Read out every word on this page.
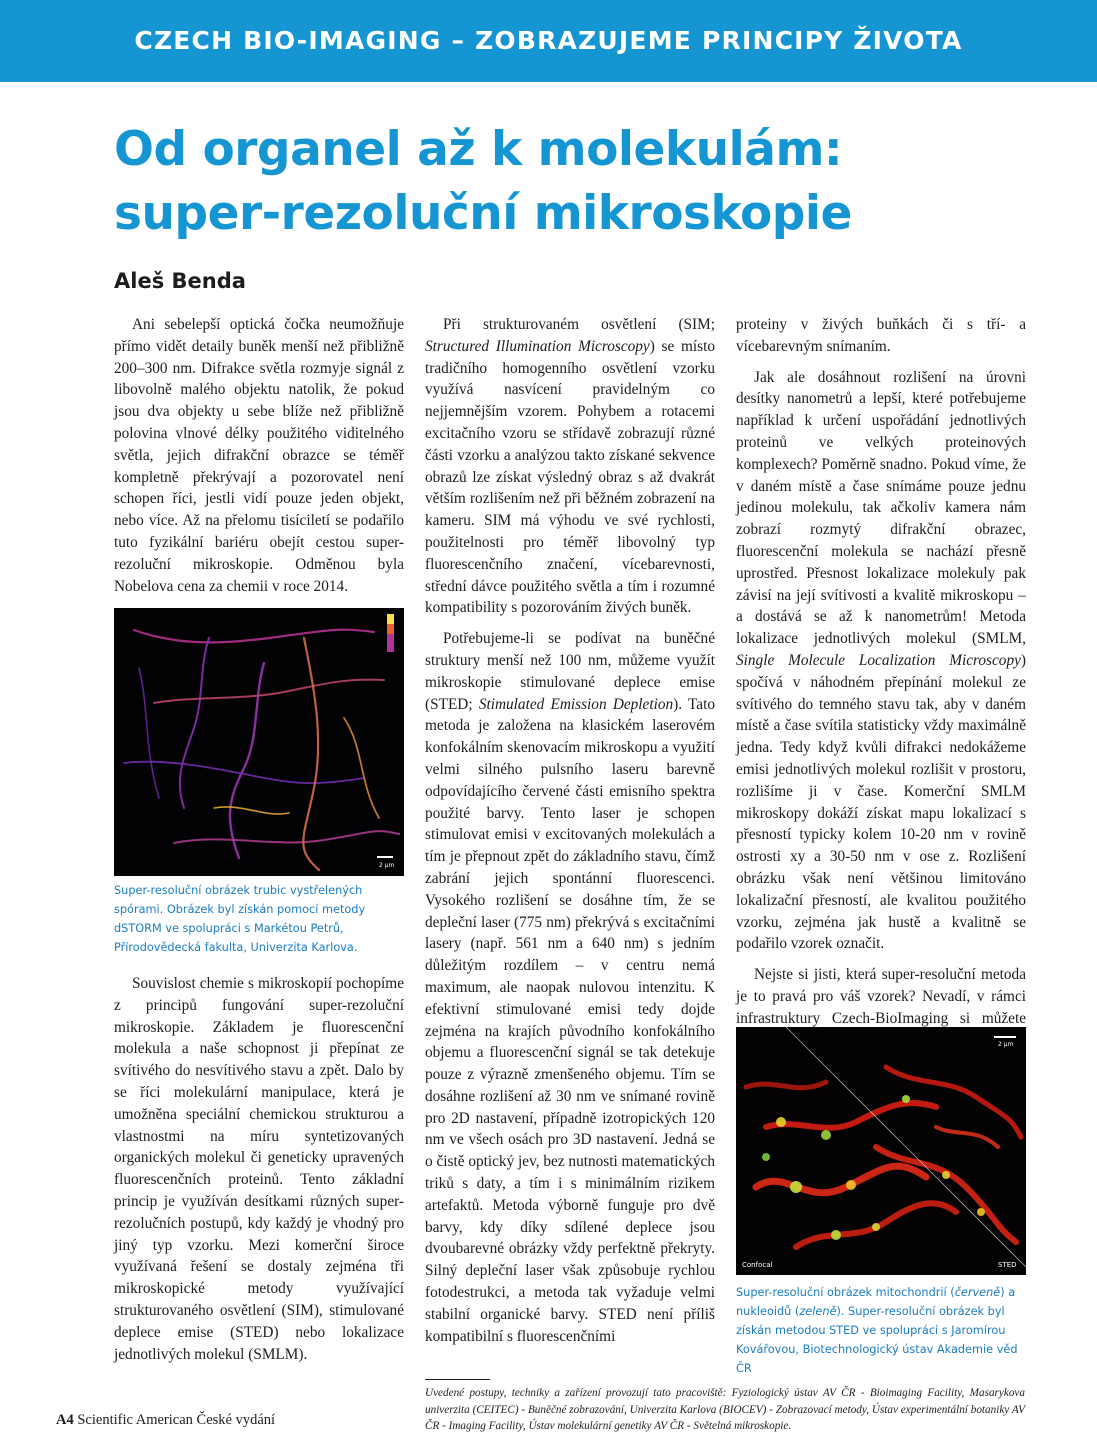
CZECH BIO-IMAGING – ZOBRAZUJEME PRINCIPY ŽIVOTA
Od organel až k molekulám:
super-rezoluční mikroskopie
Aleš Benda

Ani sebelepší optická čočka neumožňuje přímo vidět detaily buněk menší než přibližně 200–300 nm. Difrakce světla rozmyje signál z libovolně malého objektu natolik, že pokud jsou dva objekty u sebe blíže než přibližně polovina vlnové délky použitého viditelného světla, jejich difrakční obrazce se téměř kompletně překrývají a pozorovatel není schopen říci, jestli vidí pouze jeden objekt, nebo více. Až na přelomu tisíciletí se podařilo tuto fyzikální bariéru obejít cestou super-rezoluční mikroskopie. Odměnou byla Nobelova cena za chemii v roce 2014.

2 µm
Super-resoluční obrázek trubic vystřelených spórami. Obrázek byl získán pomocí metody dSTORM ve spolupráci s Markétou Petrů, Přírodovědecká fakulta, Univerzita Karlova.

Souvislost chemie s mikroskopií pochopíme z principů fungování super-rezoluční mikroskopie. Základem je fluorescenční molekula a naše schopnost ji přepínat ze svítivého do nesvítivého stavu a zpět. Dalo by se říci molekulární manipulace, která je umožněna speciální chemickou strukturou a vlastnostmi na míru syntetizovaných organických molekul či geneticky upravených fluorescenčních proteinů. Tento základní princip je využíván desítkami různých super-rezolučních postupů, kdy každý je vhodný pro jiný typ vzorku. Mezi komerční široce využívaná řešení se dostaly zejména tři mikroskopické metody využívající strukturovaného osvětlení (SIM), stimulované deplece emise (STED) nebo lokalizace jednotlivých molekul (SMLM).

Při strukturovaném osvětlení (SIM; Structured Illumination Microscopy) se místo tradičního homogenního osvětlení vzorku využívá nasvícení pravidelným co nejjemnějším vzorem. Pohybem a rotacemi excitačního vzoru se střídavě zobrazují různé části vzorku a analýzou takto získané sekvence obrazů lze získat výsledný obraz s až dvakrát větším rozlišením než při běžném zobrazení na kameru. SIM má výhodu ve své rychlosti, použitelnosti pro téměř libovolný typ fluorescenčního značení, vícebarevnosti, střední dávce použitého světla a tím i rozumné kompatibility s pozorováním živých buněk.

Potřebujeme-li se podívat na buněčné struktury menší než 100 nm, můžeme využít mikroskopie stimulované deplece emise (STED; Stimulated Emission Depletion). Tato metoda je založena na klasickém laserovém konfokálním skenovacím mikroskopu a využití velmi silného pulsního laseru barevně odpovídajícího červené části emisního spektra použité barvy. Tento laser je schopen stimulovat emisi v excitovaných molekulách a tím je přepnout zpět do základního stavu, čímž zabrání jejich spontánní fluorescenci. Vysokého rozlišení se dosáhne tím, že se depleční laser (775 nm) překrývá s excitačními lasery (např. 561 nm a 640 nm) s jedním důležitým rozdílem – v centru nemá maximum, ale naopak nulovou intenzitu. K efektivní stimulované emisi tedy dojde zejména na krajích původního konfokálního objemu a fluorescenční signál se tak detekuje pouze z výrazně zmenšeného objemu. Tím se dosáhne rozlišení až 30 nm ve snímané rovině pro 2D nastavení, případně izotropických 120 nm ve všech osách pro 3D nastavení. Jedná se o čistě optický jev, bez nutnosti matematických triků s daty, a tím i s minimálním rizikem artefaktů. Metoda výborně funguje pro dvě barvy, kdy díky sdílené deplece jsou dvoubarevné obrázky vždy perfektně překryty. Silný depleční laser však způsobuje rychlou fotodestrukci, a metoda tak vyžaduje velmi stabilní organické barvy. STED není příliš kompatibilní s fluorescenčními

proteiny v živých buňkách či s tří- a vícebarevným snímaním.

Jak ale dosáhnout rozlišení na úrovni desítky nanometrů a lepší, které potřebujeme například k určení uspořádání jednotlivých proteinů ve velkých proteinových komplexech? Poměrně snadno. Pokud víme, že v daném místě a čase snímáme pouze jednu jedinou molekulu, tak ačkoliv kamera nám zobrazí rozmytý difrakční obrazec, fluorescenční molekula se nachází přesně uprostřed. Přesnost lokalizace molekuly pak závisí na její svítivosti a kvalitě mikroskopu – a dostává se až k nanometrům! Metoda lokalizace jednotlivých molekul (SMLM, Single Molecule Localization Microscopy) spočívá v náhodném přepínání molekul ze svítivého do temného stavu tak, aby v daném místě a čase svítila statisticky vždy maximálně jedna. Tedy když kvůli difrakci nedokážeme emisi jednotlivých molekul rozlišit v prostoru, rozlišíme ji v čase. Komerční SMLM mikroskopy dokáží získat mapu lokalizací s přesností typicky kolem 10-20 nm v rovině ostrosti xy a 30-50 nm v ose z. Rozlišení obrázku však není většinou limitováno lokalizační přesností, ale kvalitou použitého vzorku, zejména jak hustě a kvalitně se podařilo vzorek označit.

Nejste si jisti, která super-resoluční metoda je to pravá pro váš vzorek? Nevadí, v rámci infrastruktury Czech-BioImaging si můžete

2 µm
Confocal	STED
Super-resoluční obrázek mitochondrií (červeně) a nukleoidů (zeleně). Super-resoluční obrázek byl získán metodou STED ve spolupráci s Jaromírou Kovářovou, Biotechnologický ústav Akademie věd ČR
Uvedené postupy, techniky a zařízení provozují tato pracoviště: Fyziologický ústav AV ČR - Bioimaging Facility, Masarykova univerzita (CEITEC) - Buněčné zobrazování, Univerzita Karlova (BIOCEV) - Zobrazovací metody, Ústav experimentální botaniky AV ČR - Imaging Facility, Ústav molekulární genetiky AV ČR - Světelná mikroskopie.
A4 Scientific American České vydání
